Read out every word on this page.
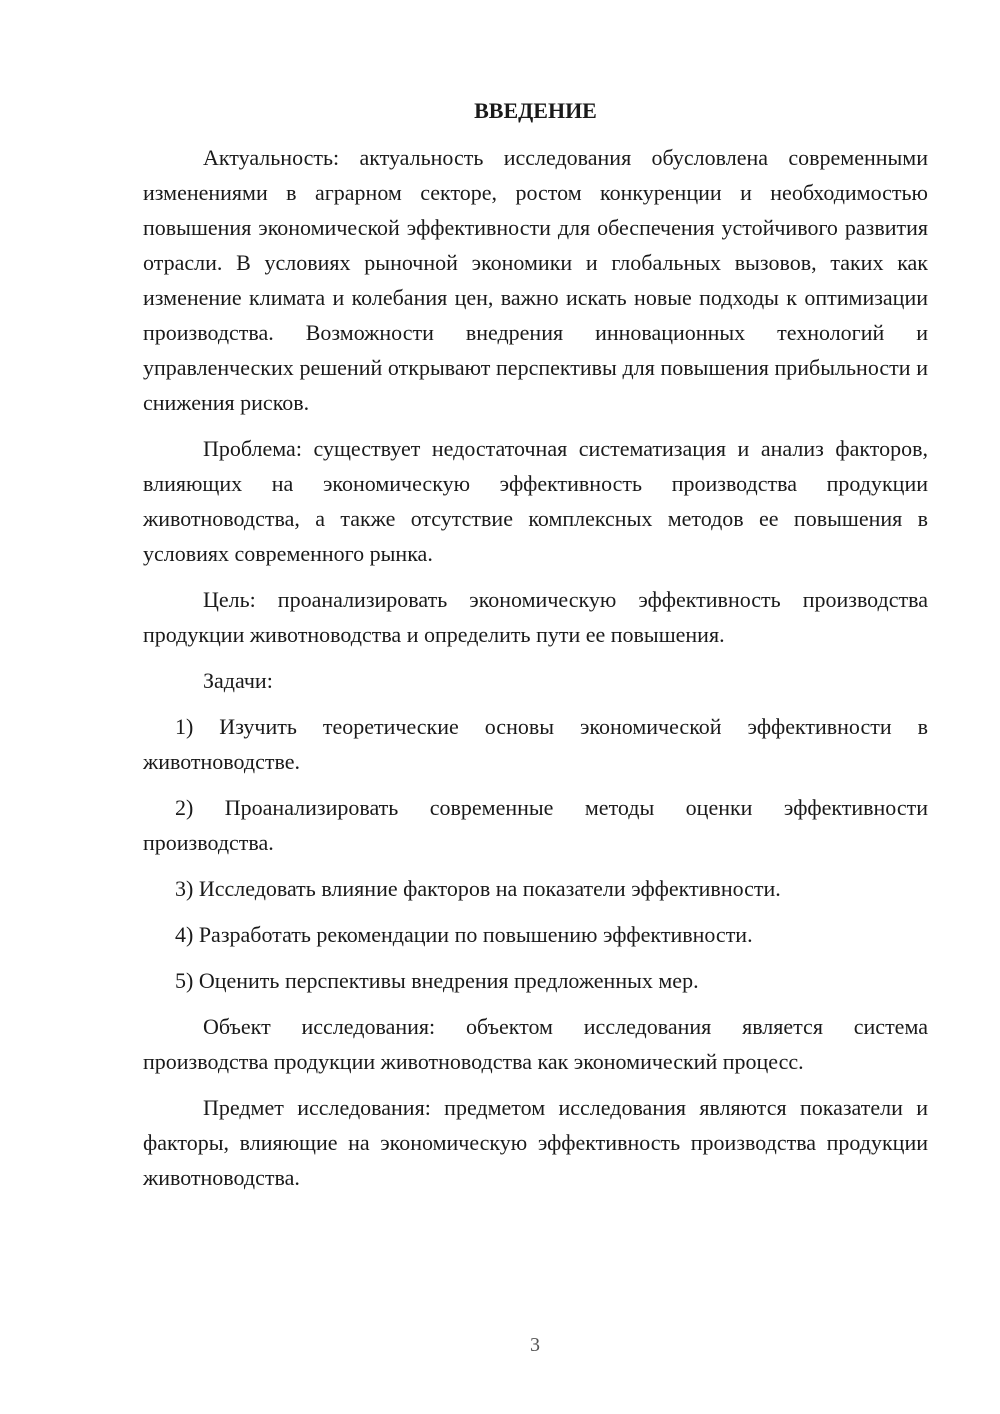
ВВЕДЕНИЕ

Актуальность: актуальность исследования обусловлена современными изменениями в аграрном секторе, ростом конкуренции и необходимостью повышения экономической эффективности для обеспечения устойчивого развития отрасли. В условиях рыночной экономики и глобальных вызовов, таких как изменение климата и колебания цен, важно искать новые подходы к оптимизации производства. Возможности внедрения инновационных технологий и управленческих решений открывают перспективы для повышения прибыльности и снижения рисков.

Проблема: существует недостаточная систематизация и анализ факторов, влияющих на экономическую эффективность производства продукции животноводства, а также отсутствие комплексных методов ее повышения в условиях современного рынка.

Цель: проанализировать экономическую эффективность производства продукции животноводства и определить пути ее повышения.

Задачи:

1) Изучить теоретические основы экономической эффективности в животноводстве.

2) Проанализировать современные методы оценки эффективности производства.

3) Исследовать влияние факторов на показатели эффективности.

4) Разработать рекомендации по повышению эффективности.

5) Оценить перспективы внедрения предложенных мер.

Объект исследования: объектом исследования является система производства продукции животноводства как экономический процесс.

Предмет исследования: предметом исследования являются показатели и факторы, влияющие на экономическую эффективность производства продукции животноводства.

3
